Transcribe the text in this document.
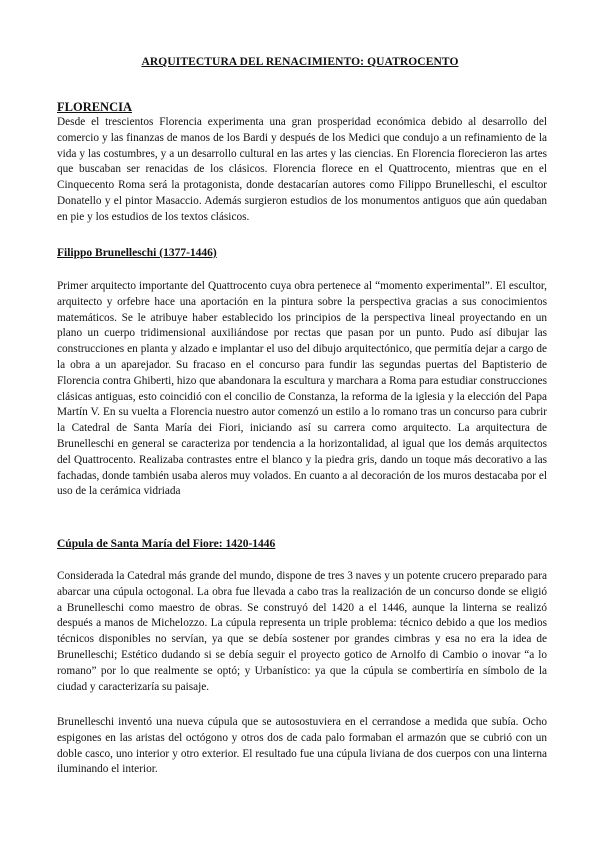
ARQUITECTURA DEL RENACIMIENTO: QUATROCENTO
FLORENCIA

Desde el trescientos Florencia experimenta una gran prosperidad económica debido al desarrollo del comercio y las finanzas de manos de los Bardi y después de los Medici que condujo a un refinamiento de la vida y las costumbres, y a un desarrollo cultural en las artes y las ciencias. En Florencia florecieron las artes que buscaban ser renacidas de los clásicos. Florencia florece en el Quattrocento, mientras que en el Cinquecento Roma será la protagonista, donde destacarían autores como Filippo Brunelleschi, el escultor Donatello y el pintor Masaccio. Además surgieron estudios de los monumentos antiguos que aún quedaban en pie y los estudios de los textos clásicos.

Filippo Brunelleschi (1377-1446)

Primer arquitecto importante del Quattrocento cuya obra pertenece al “momento experimental”. El escultor, arquitecto y orfebre hace una aportación en la pintura sobre la perspectiva gracias a sus conocimientos matemáticos. Se le atribuye haber establecido los principios de la perspectiva lineal proyectando en un plano un cuerpo tridimensional auxiliándose por rectas que pasan por un punto. Pudo así dibujar las construcciones en planta y alzado e implantar el uso del dibujo arquitectónico, que permitía dejar a cargo de la obra a un aparejador. Su fracaso en el concurso para fundir las segundas puertas del Baptisterio de Florencia contra Ghiberti, hizo que abandonara la escultura y marchara a Roma para estudiar construcciones clásicas antiguas, esto coincidió con el concilio de Constanza, la reforma de la iglesia y la elección del Papa Martín V. En su vuelta a Florencia nuestro autor comenzó un estilo a lo romano tras un concurso para cubrir la Catedral de Santa María dei Fiori, iniciando así su carrera como arquitecto. La arquitectura de Brunelleschi en general se caracteriza por tendencia a la horizontalidad, al igual que los demás arquitectos del Quattrocento. Realizaba contrastes entre el blanco y la piedra gris, dando un toque más decorativo a las fachadas, donde también usaba aleros muy volados. En cuanto a al decoración de los muros destacaba por el uso de la cerámica vidriada

Cúpula de Santa María del Fiore: 1420-1446

Considerada la Catedral más grande del mundo, dispone de tres 3 naves y un potente crucero preparado para abarcar una cúpula octogonal. La obra fue llevada a cabo tras la realización de un concurso donde se eligió a Brunelleschi como maestro de obras. Se construyó del 1420 a el 1446, aunque la linterna se realizó después a manos de Michelozzo. La cúpula representa un triple problema: técnico debido a que los medios técnicos disponibles no servían, ya que se debía sostener por grandes cimbras y esa no era la idea de Brunelleschi; Estético dudando si se debía seguir el proyecto gotico de Arnolfo di Cambio o inovar “a lo romano” por lo que realmente se optó; y Urbanístico: ya que la cúpula se combertiría en símbolo de la ciudad y caracterizaría su paisaje.

Brunelleschi inventó una nueva cúpula que se autosostuviera en el cerrandose a medida que subía. Ocho espigones en las aristas del octógono y otros dos de cada palo formaban el armazón que se cubrió con un doble casco, uno interior y otro exterior. El resultado fue una cúpula liviana de dos cuerpos con una linterna iluminando el interior.
